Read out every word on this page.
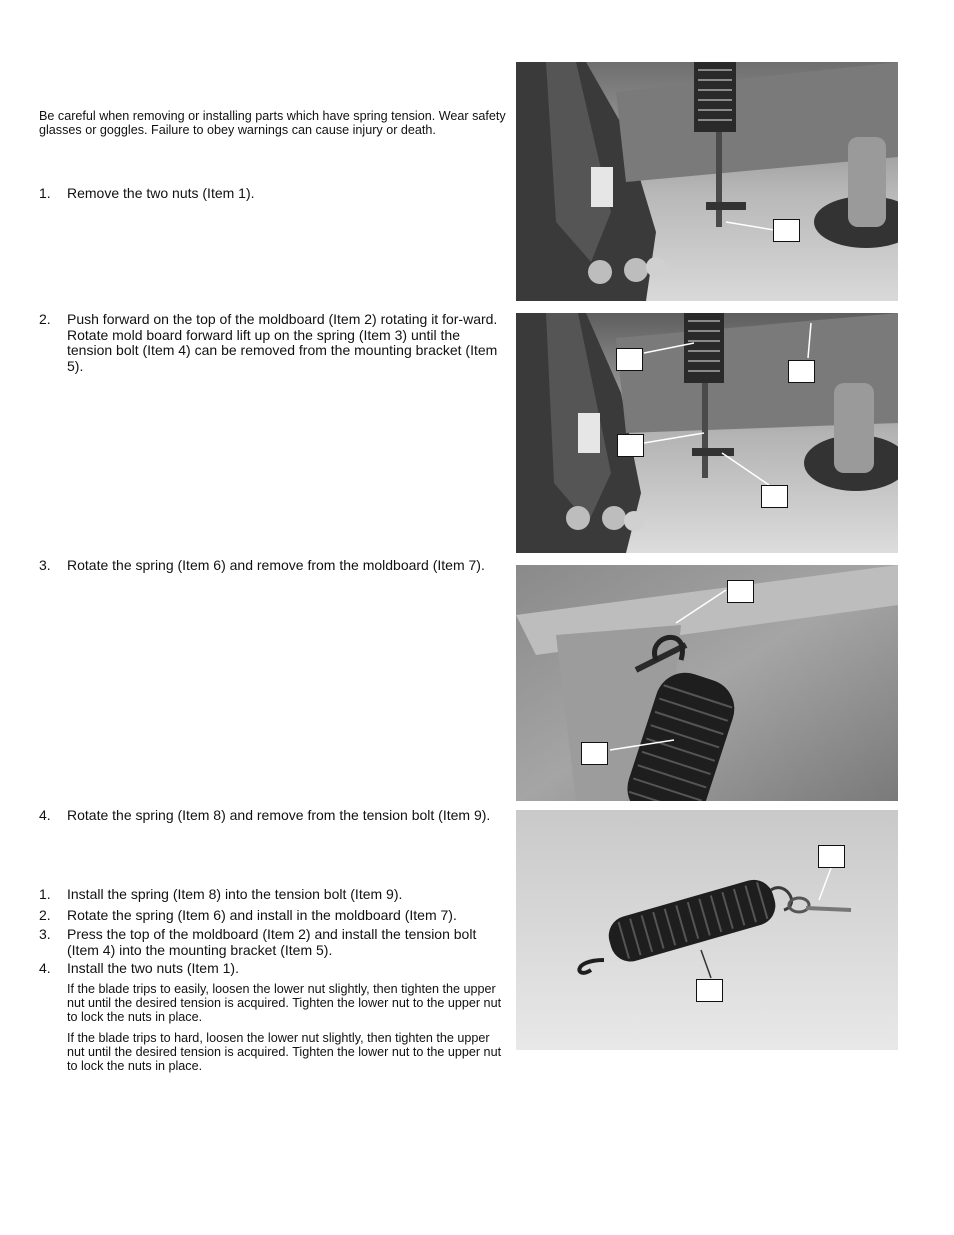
Be careful when removing or installing parts which have spring tension. Wear safety glasses or goggles. Failure to obey warnings can cause injury or death.
1. Remove the two nuts (Item 1).
2. Push forward on the top of the moldboard (Item 2) rotating it for-ward. Rotate mold board forward lift up on the spring (Item 3) until the tension bolt (Item 4) can be removed from the mounting bracket (Item 5).
3. Rotate the spring (Item 6) and remove from the moldboard (Item 7).
4. Rotate the spring (Item 8) and remove from the tension bolt (Item 9).
1. Install the spring (Item 8) into the tension bolt (Item 9).
2. Rotate the spring (Item 6) and install in the moldboard (Item 7).
3. Press the top of the moldboard (Item 2) and install the tension bolt (Item 4) into the mounting bracket (Item 5).
4. Install the two nuts (Item 1).
If the blade trips to easily, loosen the lower nut slightly, then tighten the upper nut until the desired tension is acquired. Tighten the lower nut to the upper nut to lock the nuts in place.
If the blade trips to hard, loosen the lower nut slightly, then tighten the upper nut until the desired tension is acquired. Tighten the lower nut to the upper nut to lock the nuts in place.
